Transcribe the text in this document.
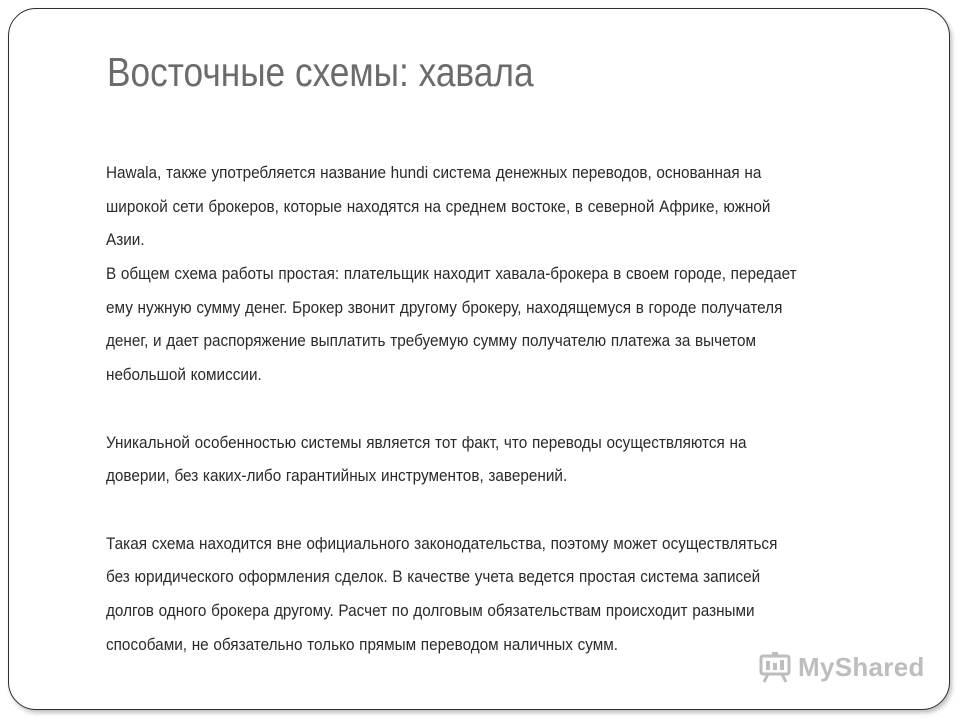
Восточные схемы: хавала
Hawala, также употребляется название hundi система денежных переводов, основанная на
широкой сети брокеров, которые находятся на среднем востоке, в северной Африке, южной
Азии.
В общем схема работы простая: плательщик находит хавала-брокера в своем городе, передает
ему нужную сумму денег. Брокер звонит другому брокеру, находящемуся в городе получателя
денег, и дает распоряжение выплатить требуемую сумму получателю платежа за вычетом
небольшой комиссии.
Уникальной особенностью системы является тот факт, что переводы осуществляются на
доверии, без каких-либо гарантийных инструментов, заверений.
Такая схема находится вне официального законодательства, поэтому может осуществляться
без юридического оформления сделок. В качестве учета ведется простая система записей
долгов одного брокера другому. Расчет по долговым обязательствам происходит разными
способами, не обязательно только прямым переводом наличных сумм.
MyShared
